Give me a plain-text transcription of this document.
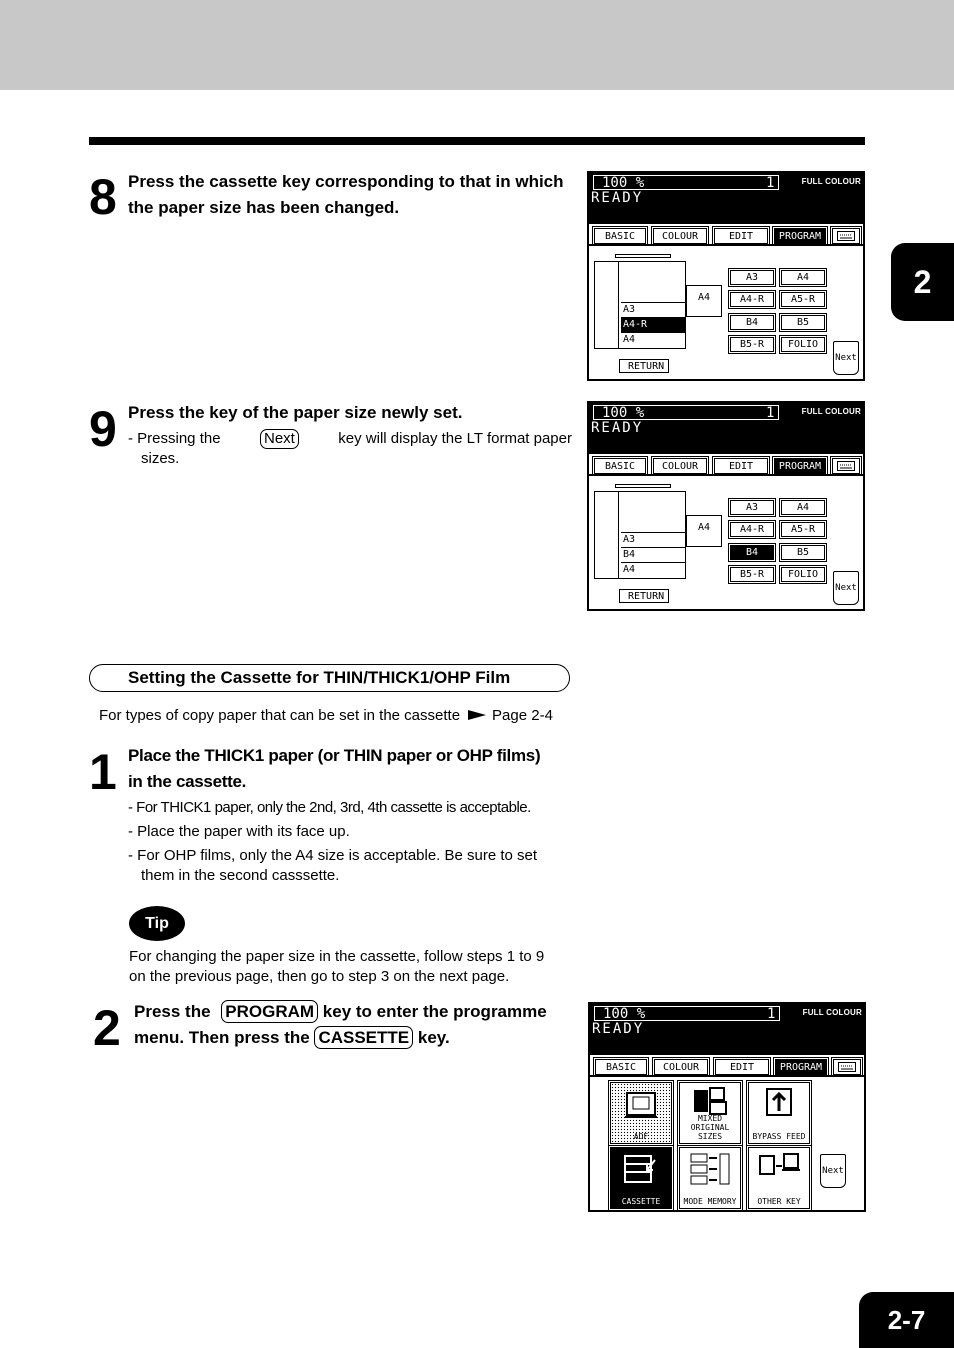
2
2-7
8 Press the cassette key corresponding to that in which
the paper size has been changed.
100 %	1	FULL COLOUR
READY
BASIC	COLOUR	EDIT	PROGRAM
A3
A4-R
A4
A4
A3	A4
A4-R	A5-R
B4	B5
B5-R	FOLIO
RETURN
Next
9 Press the key of the paper size newly set.
- Pressing the	Next	key will display the LT format paper
sizes.
100 %	1	FULL COLOUR
READY
BASIC	COLOUR	EDIT	PROGRAM
A3
B4
A4
A4
A3	A4
A4-R	A5-R
B4	B5
B5-R	FOLIO
RETURN
Next
Setting the Cassette for THIN/THICK1/OHP Film
For types of copy paper that can be set in the cassette Page 2-4
1 Place the THICK1 paper (or THIN paper or OHP films)
in the cassette.
- For THICK1 paper, only the 2nd, 3rd, 4th cassette is acceptable.
- Place the paper with its face up.
- For OHP films, only the A4 size is acceptable. Be sure to set them in the second casssette.
Tip
For changing the paper size in the cassette, follow steps 1 to 9
on the previous page, then go to step 3 on the next page.
2 Press the PROGRAM key to enter the programme
menu. Then press the CASSETTE key.
100 %	1	FULL COLOUR
READY
BASIC	COLOUR	EDIT	PROGRAM
ADF
MIXED ORIGINAL SIZES	BYPASS FEED
CASSETTE	MODE MEMORY	OTHER KEY
Next
